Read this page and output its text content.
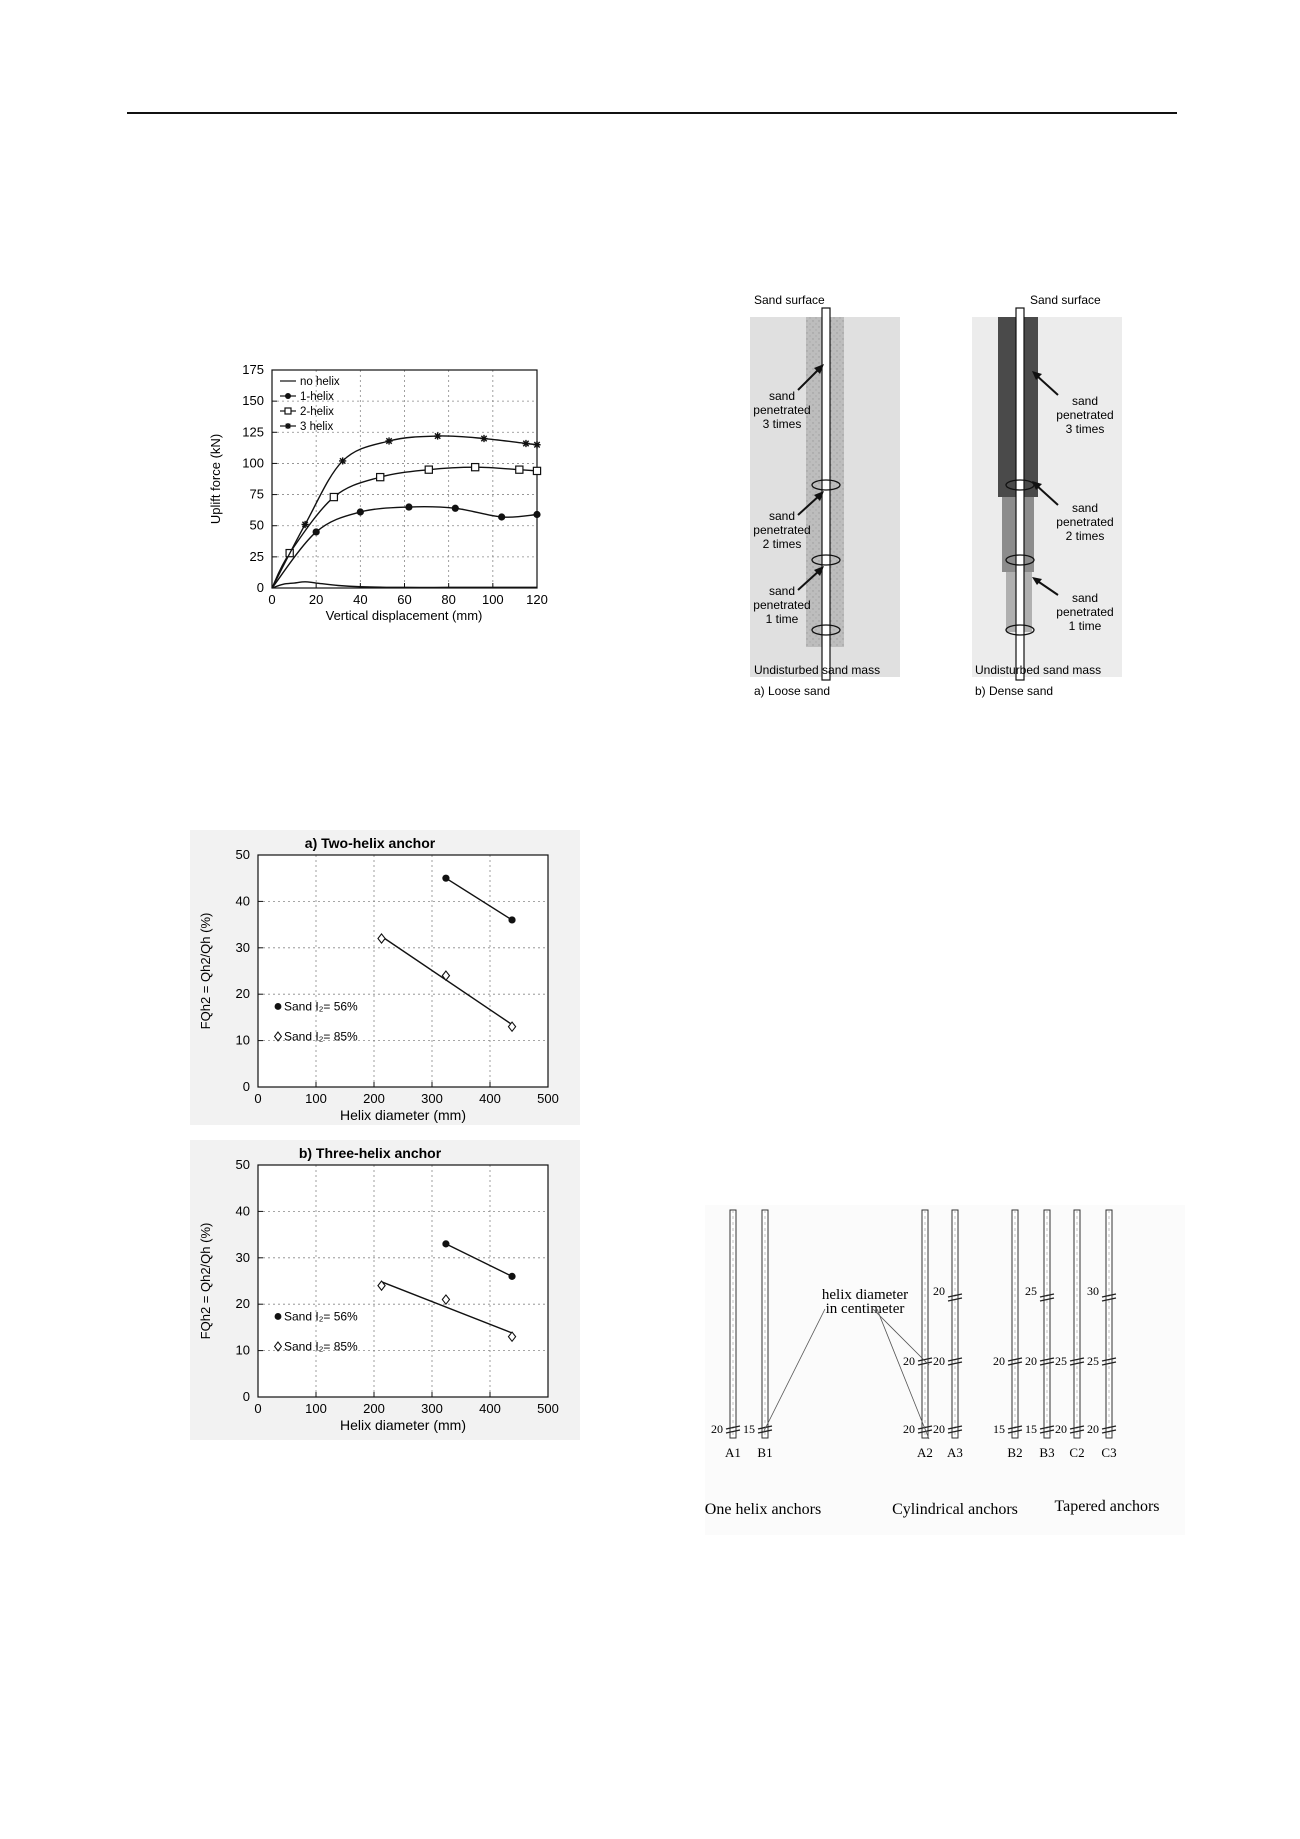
0	20 40 60 80 100 120
0
25
50
75
100
125
150
175
no helix
1-helix
2-helix
3 helix
Vertical displacement (mm)
Uplift force (kN)
a) Two-helix anchor
0	100	200	300	400	500
0
10
20
30
40
50
Sand I₂= 56%
Sand I₂= 85%
Helix diameter (mm)
FQh2 = Qh2/Qh (%)
b) Three-helix anchor
0	100	200	300	400	500
0
10
20
30
40
50
Sand I₂= 56%
Sand I₂= 85%
Helix diameter (mm)
FQh2 = Qh2/Qh (%)
sand penetrated 3 times
sand penetrated 2 times
sand penetrated 1 time
Sand surface
Undisturbed sand mass
a) Loose sand
sand penetrated 3 times
sand penetrated 2 times
sand penetrated 1 time
Sand surface
Undisturbed sand mass
b) Dense sand
20
A1
15
B1
20
20
A2
20
20
20
A3
20
15
B2
25
20
15
B3
25
20
C2
30
25
20
C3
helix diameter in centimeter
One helix anchors	Cylindrical anchors Tapered anchors
